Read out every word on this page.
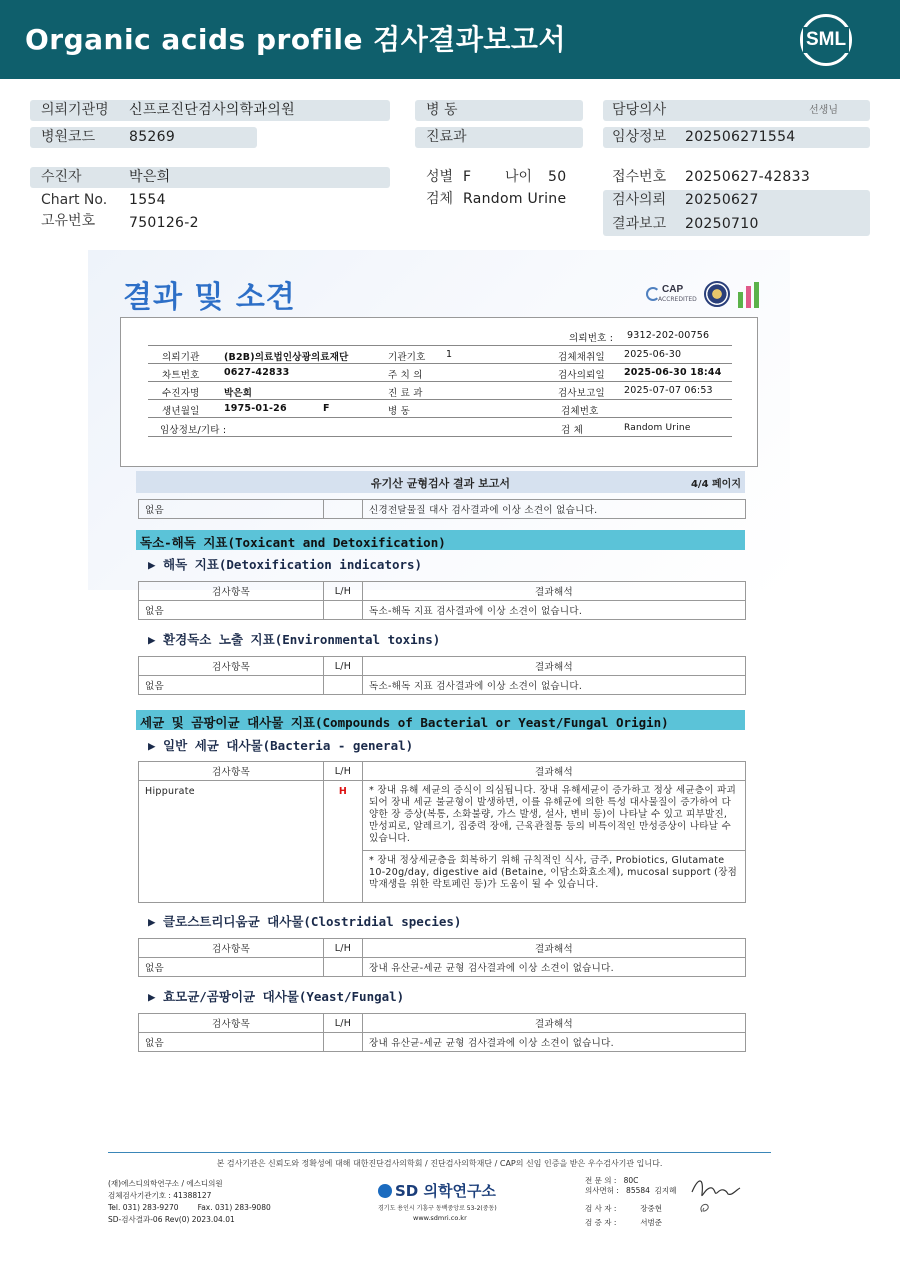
Organic acids profile 검사결과보고서	SML
의뢰기관명 신프로진단검사의학과의원
병원코드 85269
수진자	박은희
Chart No. 1554
고유번호 750126-2
병 동
진료과
성별 F 나이 50
검체 Random Urine
담당의사	선생님
임상정보 202506271554
접수번호 20250627-42833
검사의뢰 20250627
결과보고 20250710
결과 및 소견	CAP
ACCREDITED
의뢰번호 : 9312-202-00756
의뢰기관	(B2B)의료법인상광의료재단	기관기호 1	검체채취일 2025-06-30
차트번호	0627-42833	주 치 의	검사의뢰일 2025-06-30 18:44
수진자명	박은희	진 료 과	검사보고일 2025-07-07 06:53
생년월일	1975-01-26	F	병 동	검체번호
임상정보/기타 :	검 체	Random Urine
유기산 균형검사 결과 보고서	4/4 페이지
없음		신경전달물질 대사 검사결과에 이상 소견이 없습니다.
독소-해독 지표(Toxicant and Detoxification)
▶ 해독 지표(Detoxification indicators)
검사항목	L/H	결과해석
없음		독소-해독 지표 검사결과에 이상 소견이 없습니다.
▶ 환경독소 노출 지표(Environmental toxins)
검사항목	L/H	결과해석
없음		독소-해독 지표 검사결과에 이상 소견이 없습니다.
세균 및 곰팡이균 대사물 지표(Compounds of Bacterial or Yeast/Fungal Origin)
▶ 일반 세균 대사물(Bacteria - general)
검사항목	L/H	결과해석
Hippurate	H	* 장내 유해 세균의 증식이 의심됩니다. 장내 유해세균이 증가하고 정상 세균층이 파괴되어 장내 세균 불균형이 발생하면, 이를 유해균에 의한 특성 대사물질이 증가하여 다양한 장 증상(복통, 소화불량, 가스 발생, 설사, 변비 등)이 나타날 수 있고 피부발진, 만성피로, 알레르기, 집중력 장애, 근육관절통 등의 비특이적인 만성증상이 나타날 수 있습니다.
		* 장내 정상세균층을 회복하기 위해 규칙적인 식사, 금주, Probiotics, Glutamate 10-20g/day, digestive aid (Betaine, 이담소화효소제), mucosal support (장점막재생을 위한 락토페린 등)가 도움이 될 수 있습니다.
▶ 클로스트리디움균 대사물(Clostridial species)
검사항목	L/H	결과해석
없음		장내 유산균-세균 균형 검사결과에 이상 소견이 없습니다.
▶ 효모균/곰팡이균 대사물(Yeast/Fungal)
검사항목	L/H	결과해석
없음		장내 유산균-세균 균형 검사결과에 이상 소견이 없습니다.
본 검사기관은 신뢰도와 정확성에 대해 대한진단검사의학회 / 진단검사의학재단 / CAP의 신임 인증을 받은 우수검사기관 입니다.
(재)에스디의학연구소 / 에스디의원
검체검사기관기호 : 41388127
Tel. 031) 283-9270        Fax. 031) 283-9080
SD-검사결과-06 Rev(0) 2023.04.01
SD 의학연구소
경기도 용인시 기흥구 동백중앙로 53-2(중동)
www.sdmri.co.kr
전 문 의 :   80C
의사면허 :   85584  김지혜
검 사 자 :          장중현
검 증 자 :          서범준
